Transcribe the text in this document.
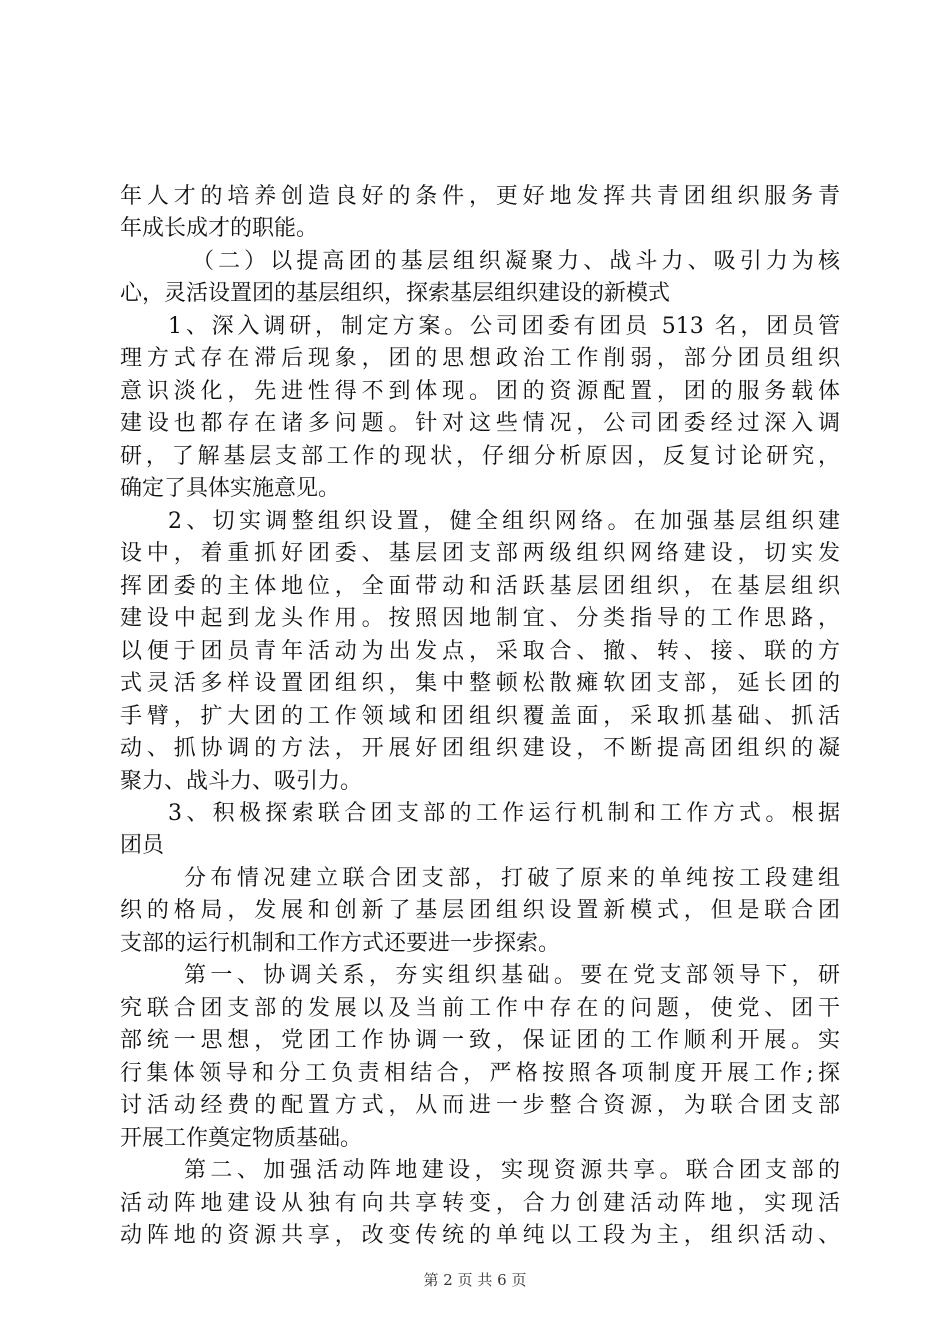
年人才的培养创造良好的条件，更好地发挥共青团组织服务青
年成长成才的职能。
（二）以提高团的基层组织凝聚力、战斗力、吸引力为核
心，灵活设置团的基层组织，探索基层组织建设的新模式
1、深入调研，制定方案。公司团委有团员 513 名，团员管
理方式存在滞后现象，团的思想政治工作削弱，部分团员组织
意识淡化，先进性得不到体现。团的资源配置，团的服务载体
建设也都存在诸多问题。针对这些情况，公司团委经过深入调
研，了解基层支部工作的现状，仔细分析原因，反复讨论研究，
确定了具体实施意见。
2、切实调整组织设置，健全组织网络。在加强基层组织建
设中，着重抓好团委、基层团支部两级组织网络建设，切实发
挥团委的主体地位，全面带动和活跃基层团组织，在基层组织
建设中起到龙头作用。按照因地制宜、分类指导的工作思路，
以便于团员青年活动为出发点，采取合、撤、转、接、联的方
式灵活多样设置团组织，集中整顿松散瘫软团支部，延长团的
手臂，扩大团的工作领域和团组织覆盖面，采取抓基础、抓活
动、抓协调的方法，开展好团组织建设，不断提高团组织的凝
聚力、战斗力、吸引力。
3、积极探索联合团支部的工作运行机制和工作方式。根据
团员
分布情况建立联合团支部，打破了原来的单纯按工段建组
织的格局，发展和创新了基层团组织设置新模式，但是联合团
支部的运行机制和工作方式还要进一步探索。
第一、协调关系，夯实组织基础。要在党支部领导下，研
究联合团支部的发展以及当前工作中存在的问题，使党、团干
部统一思想，党团工作协调一致，保证团的工作顺利开展。实
行集体领导和分工负责相结合，严格按照各项制度开展工作;探
讨活动经费的配置方式，从而进一步整合资源，为联合团支部
开展工作奠定物质基础。
第二、加强活动阵地建设，实现资源共享。联合团支部的
活动阵地建设从独有向共享转变，合力创建活动阵地，实现活
动阵地的资源共享，改变传统的单纯以工段为主，组织活动、
第 2 页 共 6 页
